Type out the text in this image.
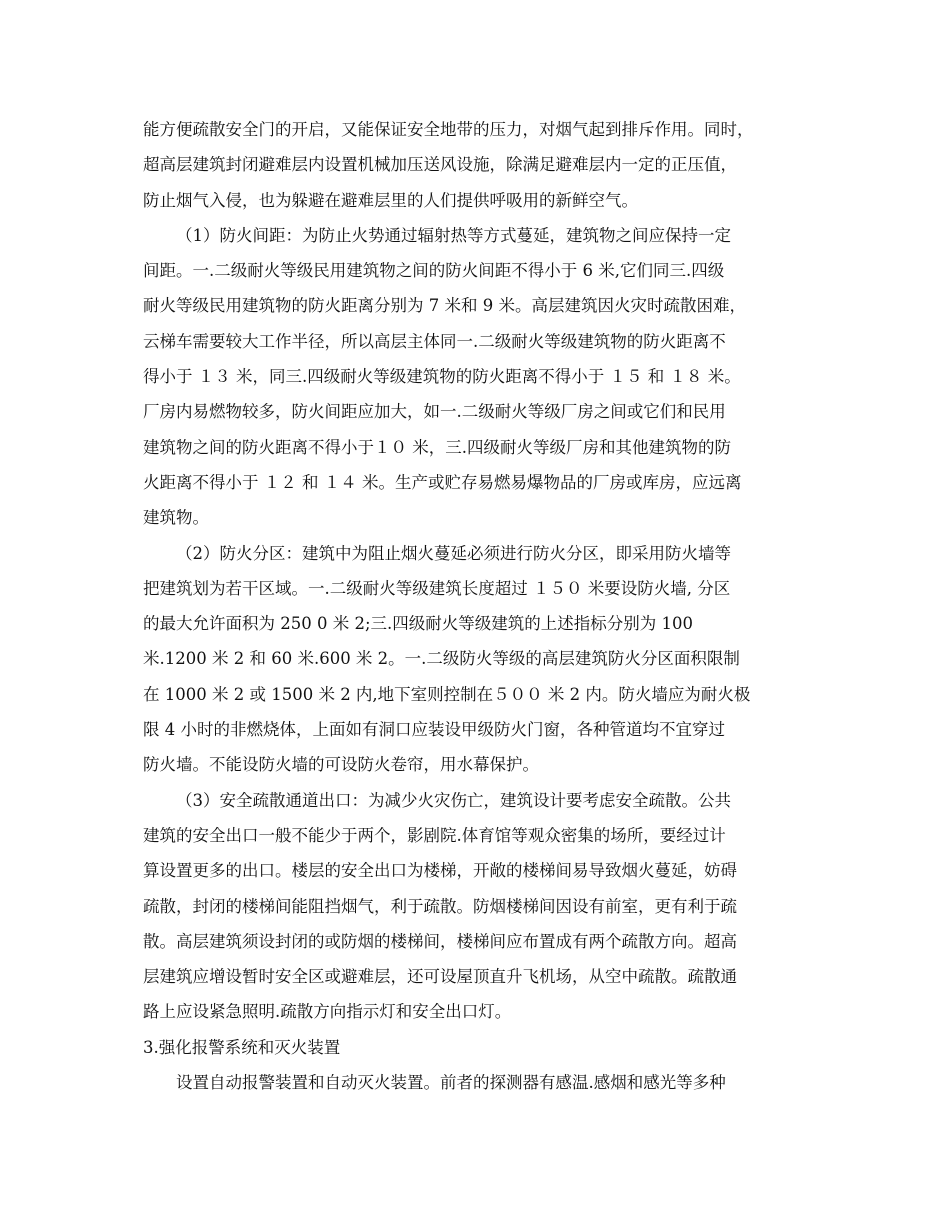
能方便疏散安全门的开启，又能保证安全地带的压力，对烟气起到排斥作用。同时，
超高层建筑封闭避难层内设置机械加压送风设施，除满足避难层内一定的正压值，
防止烟气入侵，也为躲避在避难层里的人们提供呼吸用的新鲜空气。
（1）防火间距：为防止火势通过辐射热等方式蔓延，建筑物之间应保持一定
间距。一.二级耐火等级民用建筑物之间的防火间距不得小于 6 米,它们同三.四级
耐火等级民用建筑物的防火距离分别为 7 米和 9 米。高层建筑因火灾时疏散困难，
云梯车需要较大工作半径，所以高层主体同一.二级耐火等级建筑物的防火距离不
得小于 １３ 米，同三.四级耐火等级建筑物的防火距离不得小于 １５ 和 １８ 米。
厂房内易燃物较多，防火间距应加大，如一.二级耐火等级厂房之间或它们和民用
建筑物之间的防火距离不得小于１０ 米，三.四级耐火等级厂房和其他建筑物的防
火距离不得小于 １２ 和 １４ 米。生产或贮存易燃易爆物品的厂房或库房，应远离
建筑物。
（2）防火分区：建筑中为阻止烟火蔓延必须进行防火分区，即采用防火墙等
把建筑划为若干区域。一.二级耐火等级建筑长度超过 １５０ 米要设防火墙, 分区
的最大允许面积为 250 0 米 2;三.四级耐火等级建筑的上述指标分别为 100
米.1200 米 2 和 60 米.600 米 2。一.二级防火等级的高层建筑防火分区面积限制
在 1000 米 2 或 1500 米 2 内,地下室则控制在５００ 米 2 内。防火墙应为耐火极
限 4 小时的非燃烧体，上面如有洞口应装设甲级防火门窗，各种管道均不宜穿过
防火墙。不能设防火墙的可设防火卷帘，用水幕保护。
（3）安全疏散通道出口：为减少火灾伤亡，建筑设计要考虑安全疏散。公共
建筑的安全出口一般不能少于两个，影剧院.体育馆等观众密集的场所，要经过计
算设置更多的出口。楼层的安全出口为楼梯，开敞的楼梯间易导致烟火蔓延，妨碍
疏散，封闭的楼梯间能阻挡烟气，利于疏散。防烟楼梯间因设有前室，更有利于疏
散。高层建筑须设封闭的或防烟的楼梯间，楼梯间应布置成有两个疏散方向。超高
层建筑应增设暂时安全区或避难层，还可设屋顶直升飞机场，从空中疏散。疏散通
路上应设紧急照明.疏散方向指示灯和安全出口灯。
3.强化报警系统和灭火装置
设置自动报警装置和自动灭火装置。前者的探测器有感温.感烟和感光等多种
